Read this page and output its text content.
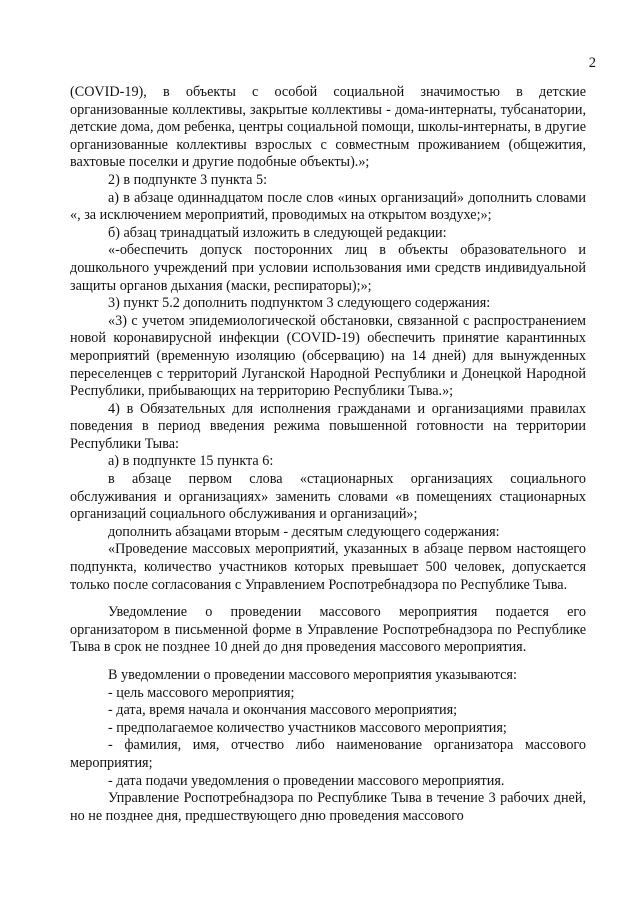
2

(COVID-19), в объекты с особой социальной значимостью в детские организованные коллективы, закрытые коллективы - дома-интернаты, тубсанатории, детские дома, дом ребенка, центры социальной помощи, школы-интернаты, в другие организованные коллективы взрослых с совместным проживанием (общежития, вахтовые поселки и другие подобные объекты).»;

2) в подпункте 3 пункта 5:

а) в абзаце одиннадцатом после слов «иных организаций» дополнить словами «, за исключением мероприятий, проводимых на открытом воздухе;»;

б) абзац тринадцатый изложить в следующей редакции:

«-обеспечить допуск посторонних лиц в объекты образовательного и дошкольного учреждений при условии использования ими средств индивидуальной защиты органов дыхания (маски, респираторы);»;

3) пункт 5.2 дополнить подпунктом 3 следующего содержания:

«3) с учетом эпидемиологической обстановки, связанной с распространением новой коронавирусной инфекции (COVID-19) обеспечить принятие карантинных мероприятий (временную изоляцию (обсервацию) на 14 дней) для вынужденных переселенцев с территорий Луганской Народной Республики и Донецкой Народной Республики, прибывающих на территорию Республики Тыва.»;

4) в Обязательных для исполнения гражданами и организациями правилах поведения в период введения режима повышенной готовности на территории Республики Тыва:

а) в подпункте 15 пункта 6:

в абзаце первом слова «стационарных организациях социального обслуживания и организациях» заменить словами «в помещениях стационарных организаций социального обслуживания и организаций»;

дополнить абзацами вторым - десятым следующего содержания:

«Проведение массовых мероприятий, указанных в абзаце первом настоящего подпункта, количество участников которых превышает 500 человек, допускается только после согласования с Управлением Роспотребнадзора по Республике Тыва.

Уведомление о проведении массового мероприятия подается его организатором в письменной форме в Управление Роспотребнадзора по Республике Тыва в срок не позднее 10 дней до дня проведения массового мероприятия.

В уведомлении о проведении массового мероприятия указываются:

- цель массового мероприятия;

- дата, время начала и окончания массового мероприятия;

- предполагаемое количество участников массового мероприятия;

- фамилия, имя, отчество либо наименование организатора массового мероприятия;

- дата подачи уведомления о проведении массового мероприятия.

Управление Роспотребнадзора по Республике Тыва в течение 3 рабочих дней, но не позднее дня, предшествующего дню проведения массового
